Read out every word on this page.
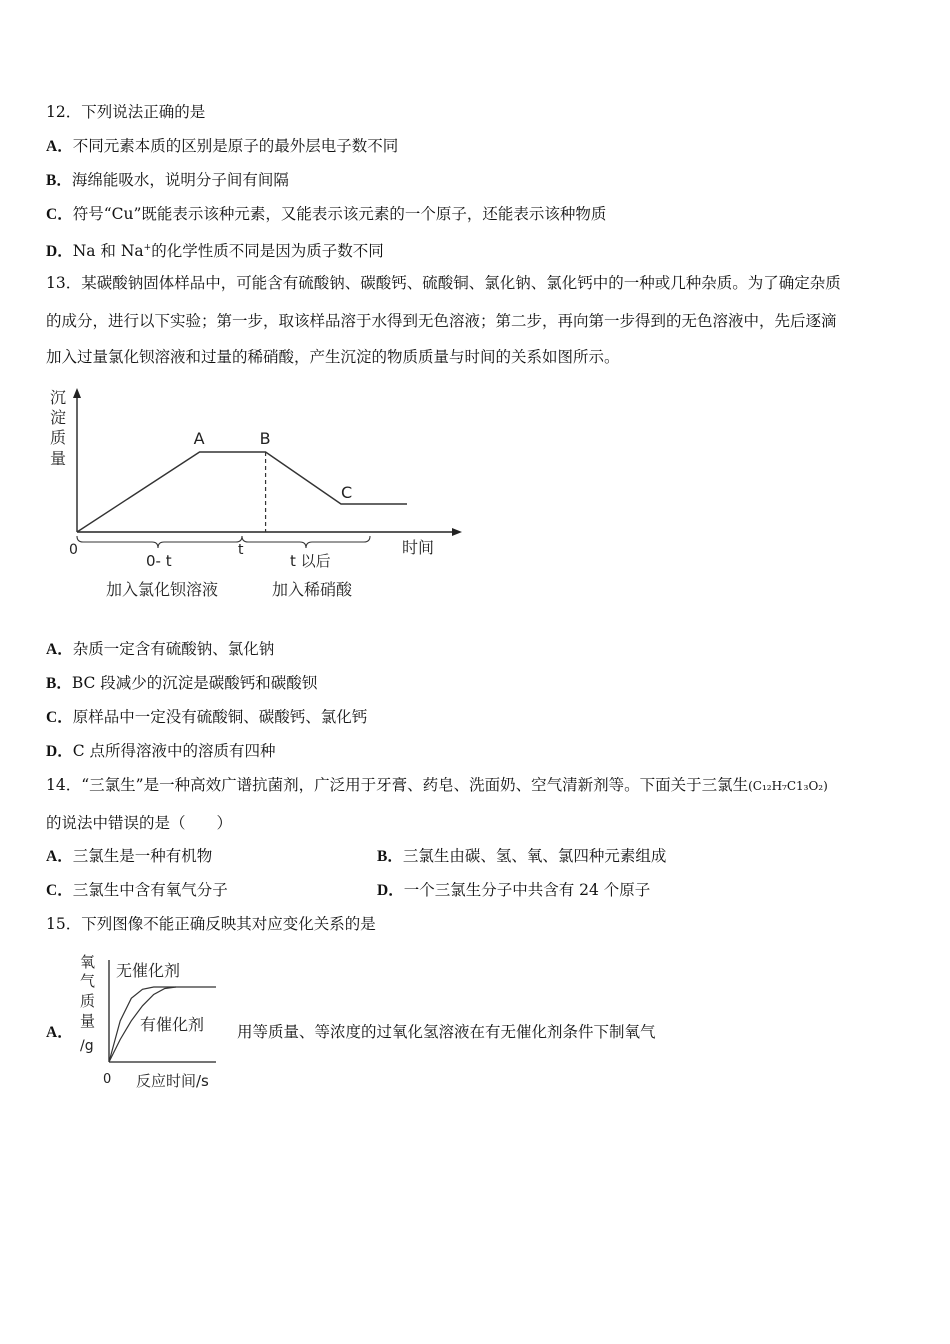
12．下列说法正确的是
A．不同元素本质的区别是原子的最外层电子数不同
B．海绵能吸水，说明分子间有间隔
C．符号“Cu”既能表示该种元素，又能表示该元素的一个原子，还能表示该种物质
D．Na 和 Na+的化学性质不同是因为质子数不同
13．某碳酸钠固体样品中，可能含有硫酸钠、碳酸钙、硫酸铜、氯化钠、氯化钙中的一种或几种杂质。为了确定杂质
的成分，进行以下实验；第一步，取该样品溶于水得到无色溶液；第二步，再向第一步得到的无色溶液中，先后逐滴
加入过量氯化钡溶液和过量的稀硝酸，产生沉淀的物质质量与时间的关系如图所示。
沉
淀
质
量
A	B
C
0
0- t
t
t 以后
时间
加入氯化钡溶液	加入稀硝酸
A．杂质一定含有硫酸钠、氯化钠
B．BC 段减少的沉淀是碳酸钙和碳酸钡
C．原样品中一定没有硫酸铜、碳酸钙、氯化钙
D．C 点所得溶液中的溶质有四种
14．“三氯生”是一种高效广谱抗菌剂，广泛用于牙膏、药皂、洗面奶、空气清新剂等。下面关于三氯生(C₁₂H₇C1₃O₂)
的说法中错误的是（　　）
A．三氯生是一种有机物	B．三氯生由碳、氢、氧、氯四种元素组成
C．三氯生中含有氧气分子	D．一个三氯生分子中共含有 24 个原子
15．下列图像不能正确反映其对应变化关系的是
A．
氧
气
质
量
/g
无催化剂
有催化剂
0 反应时间/s
用等质量、等浓度的过氧化氢溶液在有无催化剂条件下制氧气
